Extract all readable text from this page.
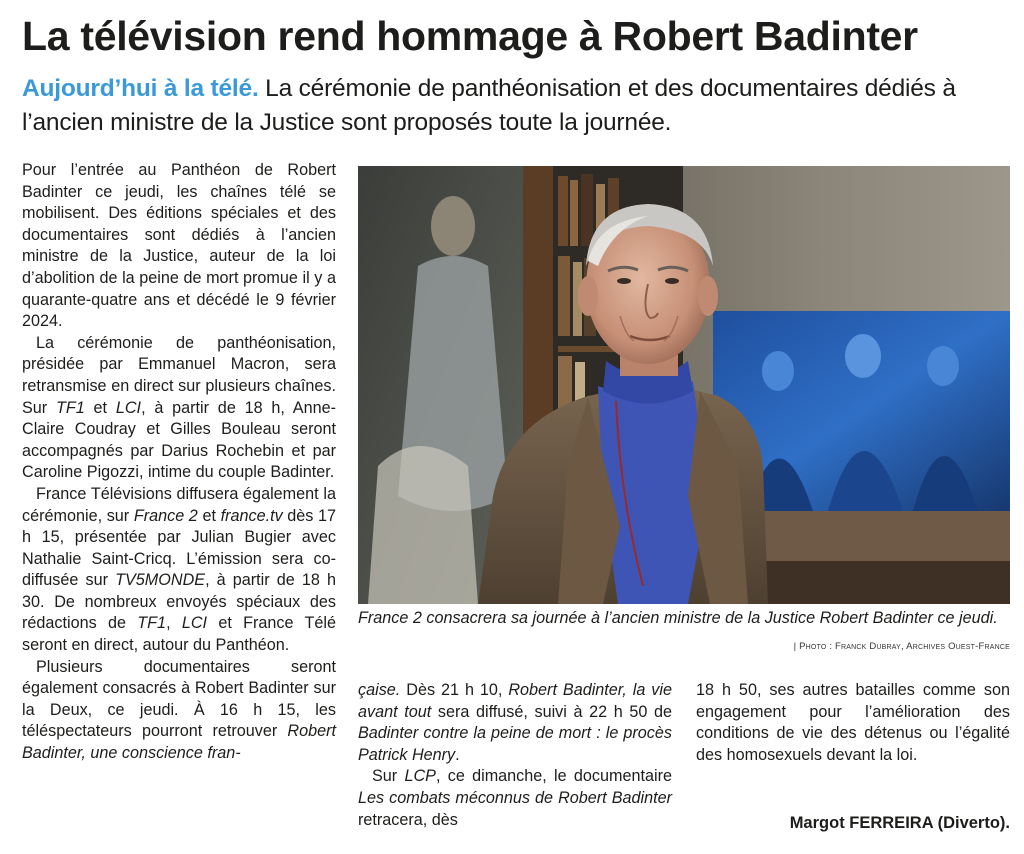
La télévision rend hommage à Robert Badinter
Aujourd’hui à la télé. La cérémonie de panthéonisation et des documentaires dédiés à l’ancien ministre de la Justice sont proposés toute la journée.

Pour l’entrée au Panthéon de Robert Badinter ce jeudi, les chaînes télé se mobilisent. Des éditions spéciales et des documentaires sont dédiés à l’ancien ministre de la Justice, auteur de la loi d’abolition de la peine de mort promue il y a quarante-quatre ans et décédé le 9 février 2024.

La cérémonie de panthéonisation, présidée par Emmanuel Macron, sera retransmise en direct sur plusieurs chaînes. Sur TF1 et LCI, à partir de 18 h, Anne-Claire Coudray et Gilles Bouleau seront accompagnés par Darius Rochebin et par Caroline Pigozzi, intime du couple Badinter.

France Télévisions diffusera également la cérémonie, sur France 2 et france.tv dès 17 h 15, présentée par Julian Bugier avec Nathalie Saint-Cricq. L’émission sera co-diffusée sur TV5MONDE, à partir de 18 h 30. De nombreux envoyés spéciaux des rédactions de TF1, LCI et France Télé seront en direct, autour du Panthéon.

Plusieurs documentaires seront également consacrés à Robert Badinter sur la Deux, ce jeudi. À 16 h 15, les téléspectateurs pourront retrouver Robert Badinter, une conscience fran-

France 2 consacrera sa journée à l’ancien ministre de la Justice Robert Badinter ce jeudi.
| Photo : Franck Dubray, Archives Ouest-France

çaise. Dès 21 h 10, Robert Badinter, la vie avant tout sera diffusé, suivi à 22 h 50 de Badinter contre la peine de mort : le procès Patrick Henry.

Sur LCP, ce dimanche, le documentaire Les combats méconnus de Robert Badinter retracera, dès

18 h 50, ses autres batailles comme son engagement pour l’amélioration des conditions de vie des détenus ou l’égalité des homosexuels devant la loi.

Margot FERREIRA (Diverto).
